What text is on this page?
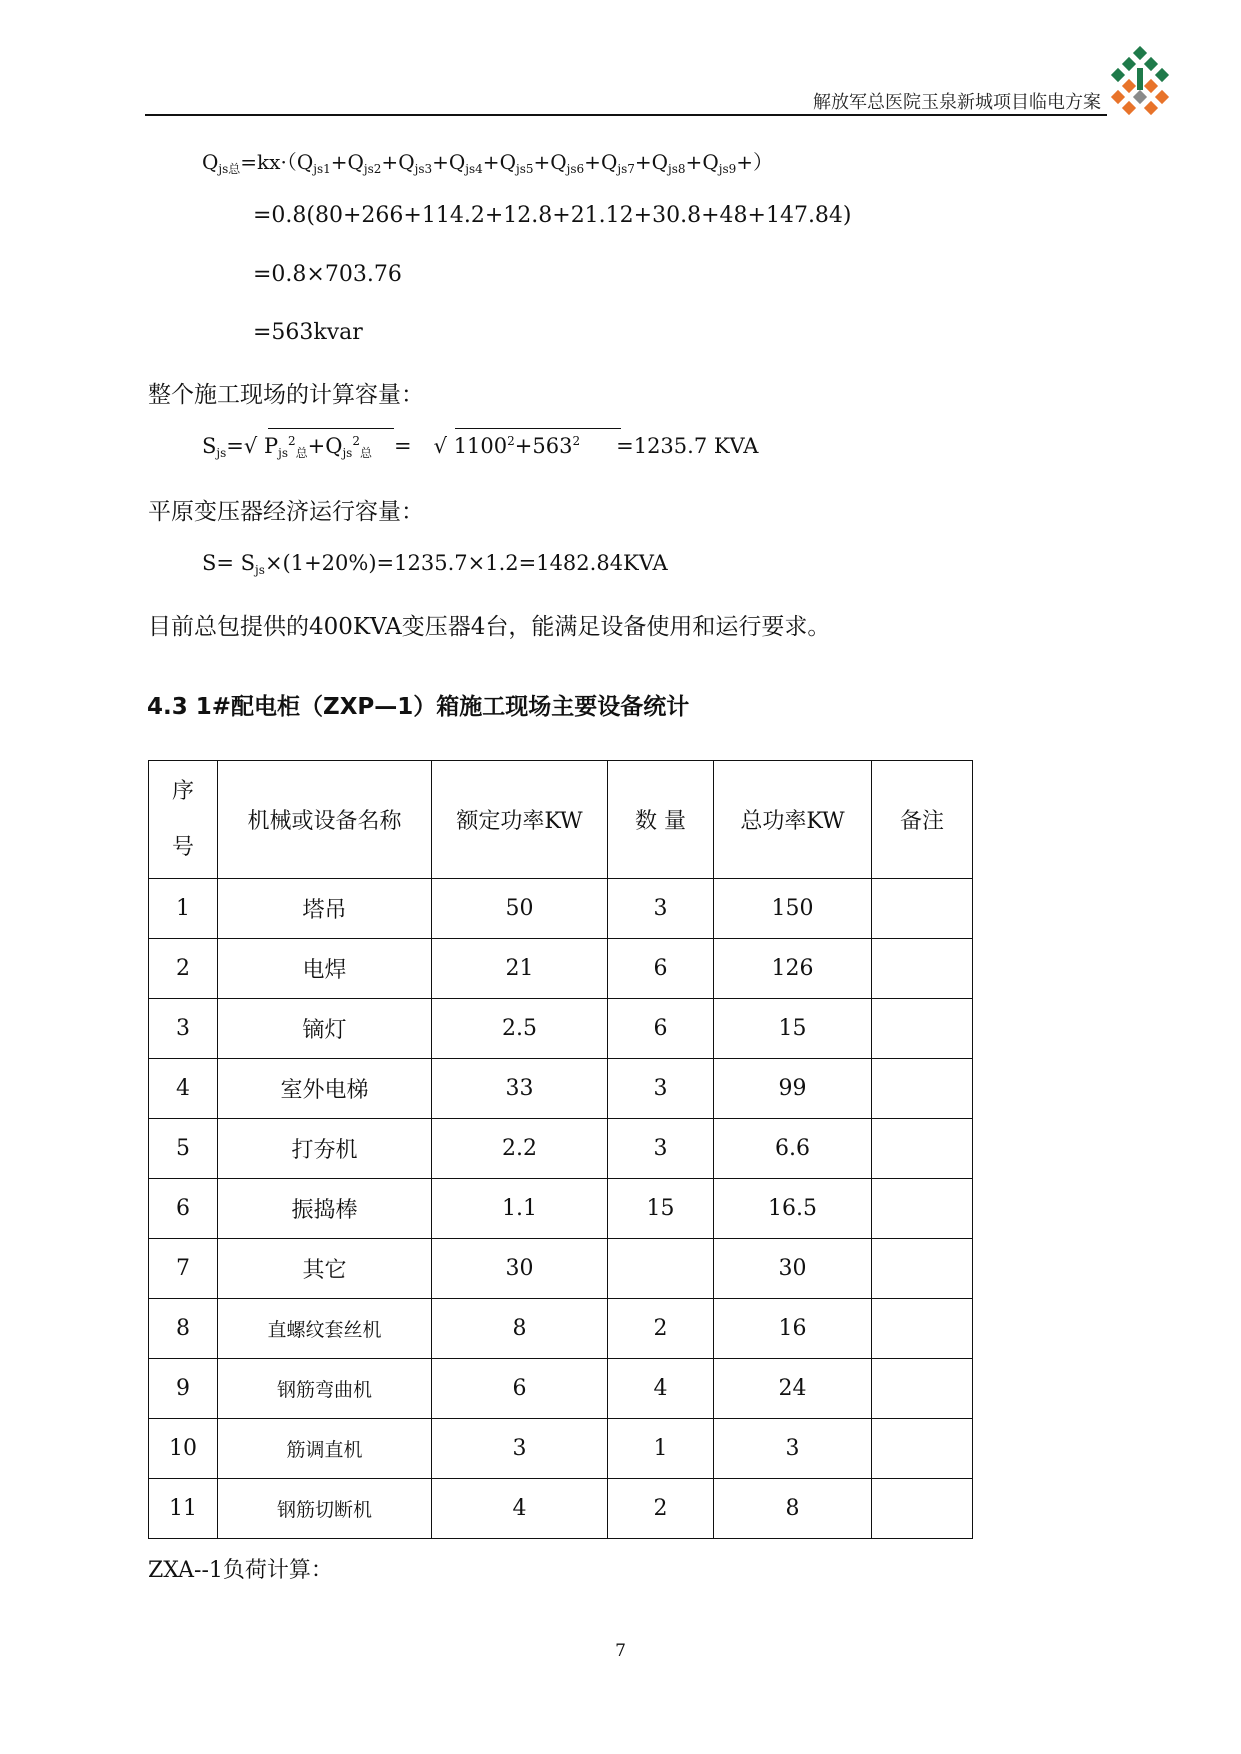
解放军总医院玉泉新城项目临电方案
$Q_{js总}=kx\cdot(Q_{js1}+Q_{js2}+Q_{js3}+Q_{js4}+Q_{js5}+Q_{js6}+Q_{js7}+Q_{js8}+Q_{js9}+)$
=0.8(80+266+114.2+12.8+21.12+30.8+48+147.84)
=0.8×703.76
=563kvar
整个施工现场的计算容量：
$S_{js}=√$ $P_{js}^2_总+Q_{js}^2_总$ = √ $1100^2+563^2 =1235.7$ KVA
平原变压器经济运行容量：
$S= S_{js}\times(1+20\%)=1235.7\times 1.2=1482.84KVA$
目前总包提供的400KVA变压器4台，能满足设备使用和运行要求。
4.3 1#配电柜（ZXP—1）箱施工现场主要设备统计
序
号	机械或设备名称	额定功率KW	数 量	总功率KW	备注
1	塔吊	50	3	150	
2	电焊	21	6	126	
3	镝灯	2.5	6	15	
4	室外电梯	33	3	99	
5	打夯机	2.2	3	6.6	
6	振捣棒	1.1	15	16.5	
7	其它	30		30	
8	直螺纹套丝机	8	2	16	
9	钢筋弯曲机	6	4	24	
10	筋调直机	3	1	3	
11	钢筋切断机	4	2	8	
ZXA--1负荷计算：
7
